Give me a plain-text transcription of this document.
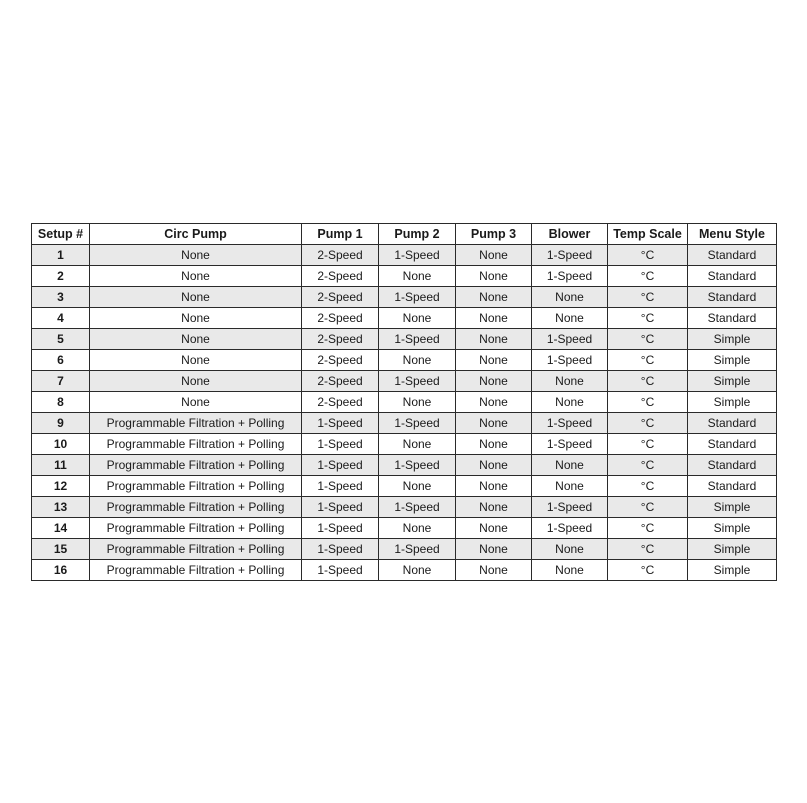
Setup #	Circ Pump	Pump 1	Pump 2	Pump 3	Blower	Temp Scale	Menu Style
1	None	2-Speed	1-Speed	None	1-Speed	°C	Standard
2	None	2-Speed	None	None	1-Speed	°C	Standard
3	None	2-Speed	1-Speed	None	None	°C	Standard
4	None	2-Speed	None	None	None	°C	Standard
5	None	2-Speed	1-Speed	None	1-Speed	°C	Simple
6	None	2-Speed	None	None	1-Speed	°C	Simple
7	None	2-Speed	1-Speed	None	None	°C	Simple
8	None	2-Speed	None	None	None	°C	Simple
9	Programmable Filtration + Polling	1-Speed	1-Speed	None	1-Speed	°C	Standard
10	Programmable Filtration + Polling	1-Speed	None	None	1-Speed	°C	Standard
11	Programmable Filtration + Polling	1-Speed	1-Speed	None	None	°C	Standard
12	Programmable Filtration + Polling	1-Speed	None	None	None	°C	Standard
13	Programmable Filtration + Polling	1-Speed	1-Speed	None	1-Speed	°C	Simple
14	Programmable Filtration + Polling	1-Speed	None	None	1-Speed	°C	Simple
15	Programmable Filtration + Polling	1-Speed	1-Speed	None	None	°C	Simple
16	Programmable Filtration + Polling	1-Speed	None	None	None	°C	Simple
